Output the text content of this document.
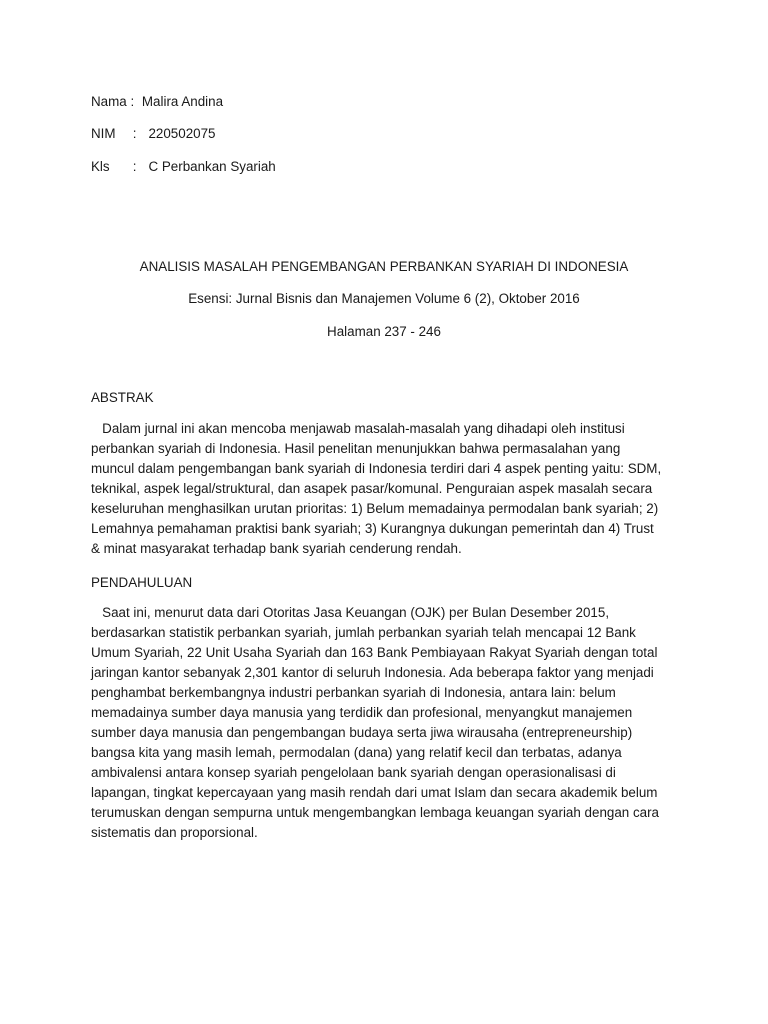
Nama : Malira Andina
NIM : 220502075
Kls : C Perbankan Syariah
ANALISIS MASALAH PENGEMBANGAN PERBANKAN SYARIAH DI INDONESIA
Esensi: Jurnal Bisnis dan Manajemen Volume 6 (2), Oktober 2016
Halaman 237 - 246
ABSTRAK
Dalam jurnal ini akan mencoba menjawab masalah-masalah yang dihadapi oleh institusi
perbankan syariah di Indonesia. Hasil penelitan menunjukkan bahwa permasalahan yang
muncul dalam pengembangan bank syariah di Indonesia terdiri dari 4 aspek penting yaitu: SDM,
teknikal, aspek legal/struktural, dan asapek pasar/komunal. Penguraian aspek masalah secara
keseluruhan menghasilkan urutan prioritas: 1) Belum memadainya permodalan bank syariah; 2)
Lemahnya pemahaman praktisi bank syariah; 3) Kurangnya dukungan pemerintah dan 4) Trust
& minat masyarakat terhadap bank syariah cenderung rendah.
PENDAHULUAN
Saat ini, menurut data dari Otoritas Jasa Keuangan (OJK) per Bulan Desember 2015,
berdasarkan statistik perbankan syariah, jumlah perbankan syariah telah mencapai 12 Bank
Umum Syariah, 22 Unit Usaha Syariah dan 163 Bank Pembiayaan Rakyat Syariah dengan total
jaringan kantor sebanyak 2,301 kantor di seluruh Indonesia. Ada beberapa faktor yang menjadi
penghambat berkembangnya industri perbankan syariah di Indonesia, antara lain: belum
memadainya sumber daya manusia yang terdidik dan profesional, menyangkut manajemen
sumber daya manusia dan pengembangan budaya serta jiwa wirausaha (entrepreneurship)
bangsa kita yang masih lemah, permodalan (dana) yang relatif kecil dan terbatas, adanya
ambivalensi antara konsep syariah pengelolaan bank syariah dengan operasionalisasi di
lapangan, tingkat kepercayaan yang masih rendah dari umat Islam dan secara akademik belum
terumuskan dengan sempurna untuk mengembangkan lembaga keuangan syariah dengan cara
sistematis dan proporsional.
